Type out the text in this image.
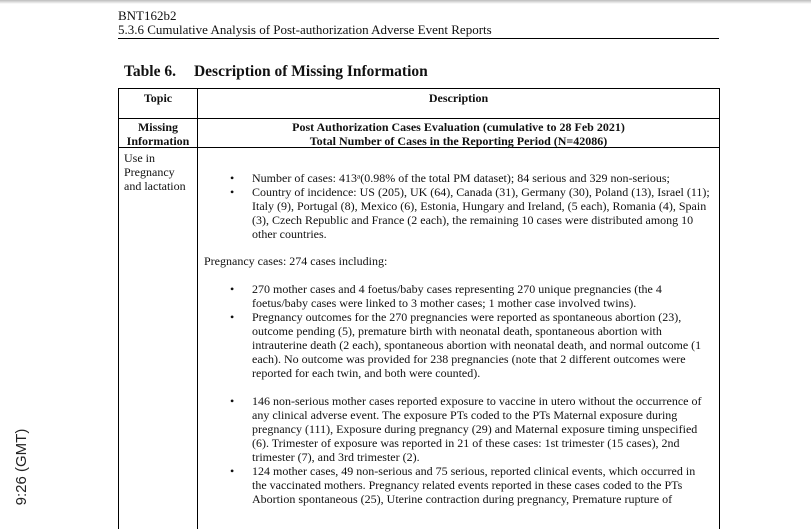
BNT162b2
5.3.6 Cumulative Analysis of Post-authorization Adverse Event Reports
Table 6. Description of Missing Information
Topic	Description
Missing Information
Post Authorization Cases Evaluation (cumulative to 28 Feb 2021)
Total Number of Cases in the Reporting Period (N=42086)
Use in Pregnancy and lactation
• Number of cases: 413ᵃ(0.98% of the total PM dataset); 84 serious and 329 non-serious;
• Country of incidence: US (205), UK (64), Canada (31), Germany (30), Poland (13), Israel (11); Italy (9), Portugal (8), Mexico (6), Estonia, Hungary and Ireland, (5 each), Romania (4), Spain (3), Czech Republic and France (2 each), the remaining 10 cases were distributed among 10 other countries.
Pregnancy cases: 274 cases including:
• 270 mother cases and 4 foetus/baby cases representing 270 unique pregnancies (the 4 foetus/baby cases were linked to 3 mother cases; 1 mother case involved twins).
• Pregnancy outcomes for the 270 pregnancies were reported as spontaneous abortion (23), outcome pending (5), premature birth with neonatal death, spontaneous abortion with intrauterine death (2 each), spontaneous abortion with neonatal death, and normal outcome (1 each). No outcome was provided for 238 pregnancies (note that 2 different outcomes were reported for each twin, and both were counted).
• 146 non-serious mother cases reported exposure to vaccine in utero without the occurrence of any clinical adverse event. The exposure PTs coded to the PTs Maternal exposure during pregnancy (111), Exposure during pregnancy (29) and Maternal exposure timing unspecified (6). Trimester of exposure was reported in 21 of these cases: 1st trimester (15 cases), 2nd trimester (7), and 3rd trimester (2).
• 124 mother cases, 49 non-serious and 75 serious, reported clinical events, which occurred in the vaccinated mothers. Pregnancy related events reported in these cases coded to the PTs Abortion spontaneous (25), Uterine contraction during pregnancy, Premature rupture of
9:26 (GMT)
